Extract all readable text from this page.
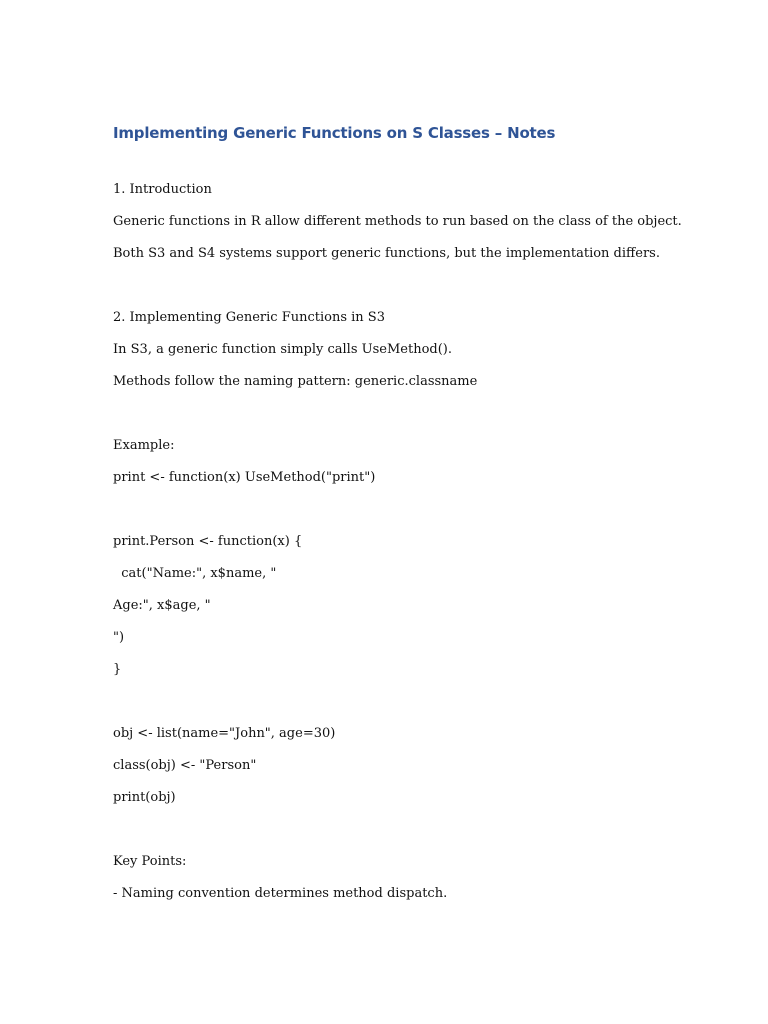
Implementing Generic Functions on S Classes – Notes

1. Introduction

Generic functions in R allow different methods to run based on the class of the object.

Both S3 and S4 systems support generic functions, but the implementation differs.

2. Implementing Generic Functions in S3

In S3, a generic function simply calls UseMethod().

Methods follow the naming pattern: generic.classname

Example:

print <- function(x) UseMethod("print")

print.Person <- function(x) {

cat("Name:", x$name, "

Age:", x$age, "

")

}

obj <- list(name="John", age=30)

class(obj) <- "Person"

print(obj)

Key Points:

- Naming convention determines method dispatch.
